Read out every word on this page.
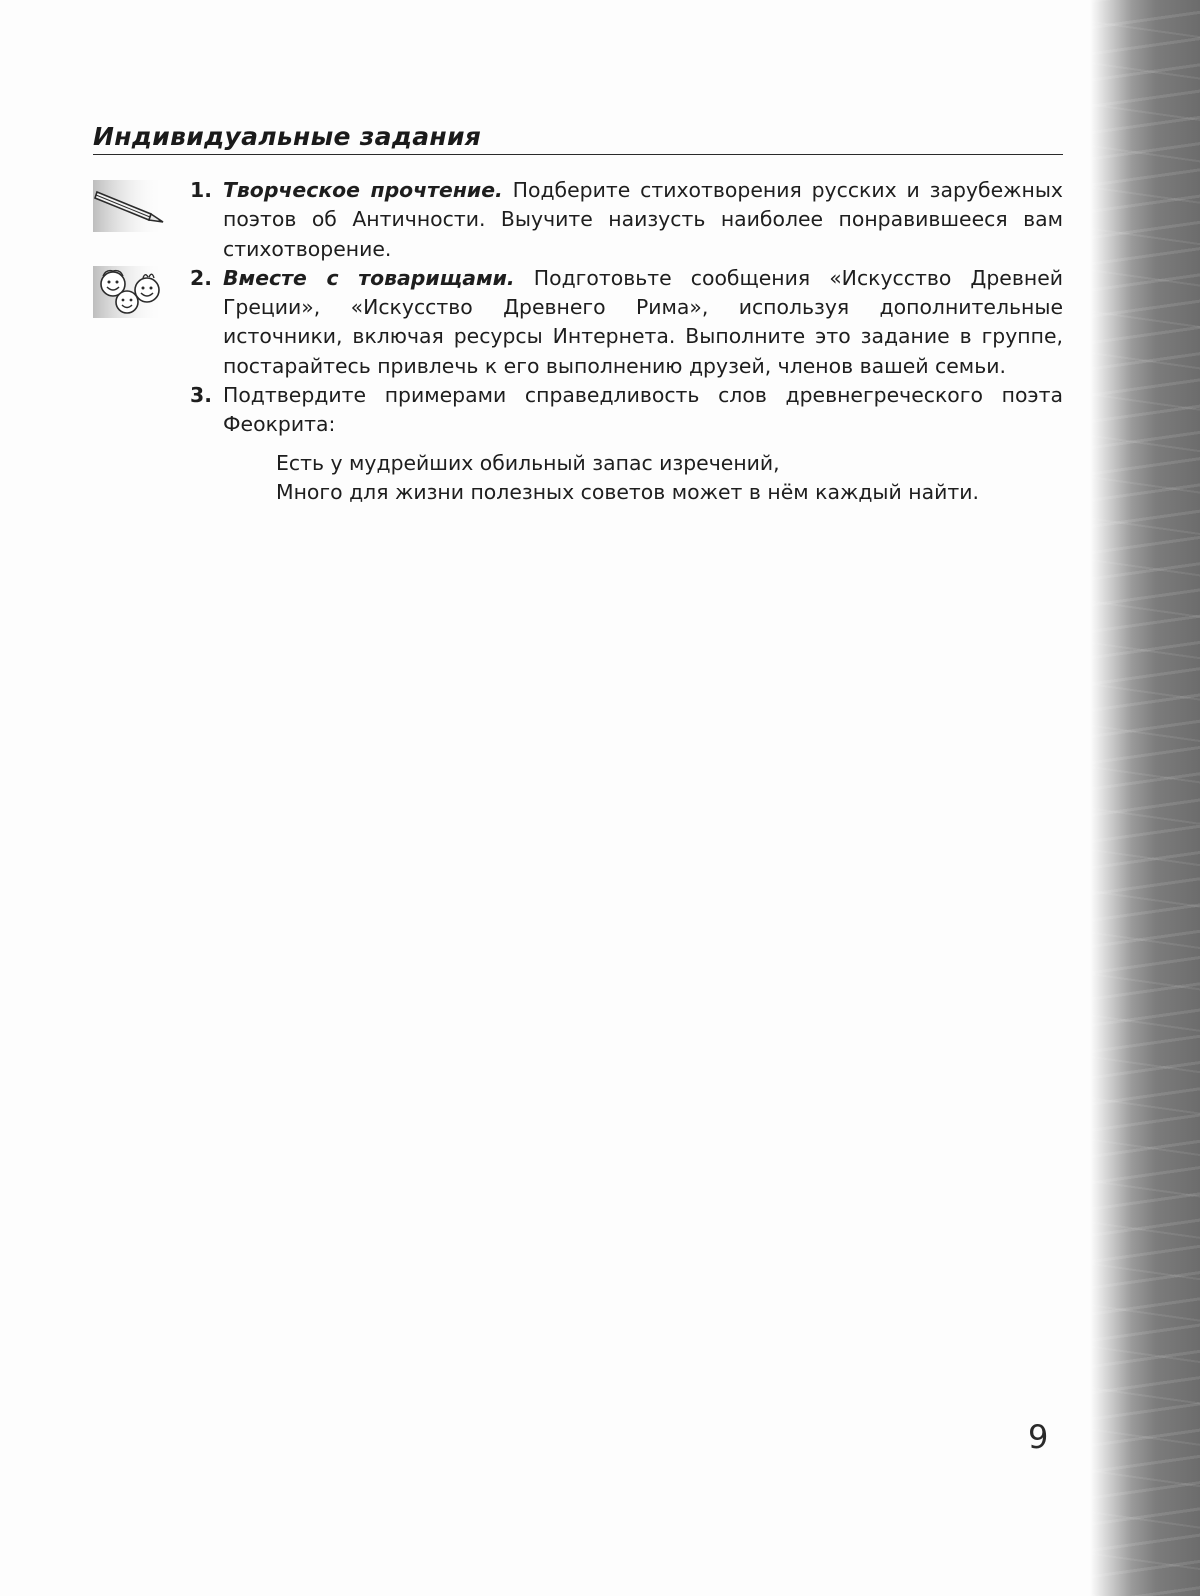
Индивидуальные задания
1. Творческое прочтение. Подберите стихотворения русских и зарубежных поэтов об Античности. Выучите наизусть наиболее понравившееся вам стихотворение.
2. Вместе с товарищами. Подготовьте сообщения «Искусство Древней Греции», «Искусство Древнего Рима», используя дополнительные источники, включая ресурсы Интернета. Выполните это задание в группе, постарайтесь привлечь к его выполнению друзей, членов вашей семьи.
3. Подтвердите примерами справедливость слов древнегреческого поэта Феокрита:
Есть у мудрейших обильный запас изречений,
Много для жизни полезных советов может в нём каждый найти.
9
